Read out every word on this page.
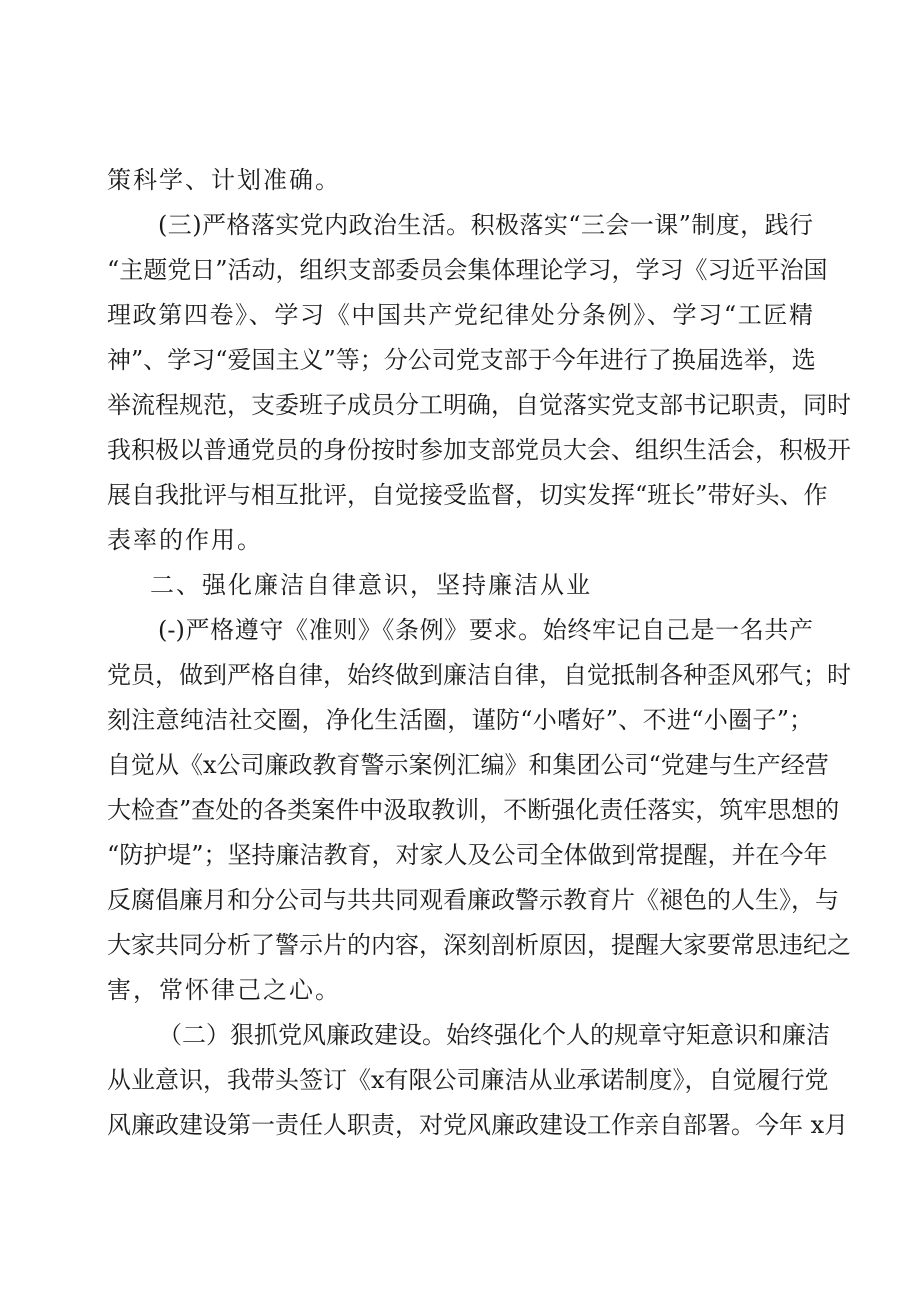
策科学、计划准确。
(三)严格落实党内政治生活。积极落实“三会一课”制度，践行
“主题党日”活动，组织支部委员会集体理论学习，学习《习近平治国
理政第四卷》、学习《中国共产党纪律处分条例》、学习“工匠精
神”、学习“爱国主义”等；分公司党支部于今年进行了换届选举，选
举流程规范，支委班子成员分工明确，自觉落实党支部书记职责，同时
我积极以普通党员的身份按时参加支部党员大会、组织生活会，积极开
展自我批评与相互批评，自觉接受监督，切实发挥“班长”带好头、作
表率的作用。
二、强化廉洁自律意识，坚持廉洁从业
(-)严格遵守《准则》《条例》要求。始终牢记自己是一名共产
党员，做到严格自律，始终做到廉洁自律，自觉抵制各种歪风邪气；时
刻注意纯洁社交圈，净化生活圈，谨防“小嗜好”、不进“小圈子”；
自觉从《x公司廉政教育警示案例汇编》和集团公司“党建与生产经营
大检查”查处的各类案件中汲取教训，不断强化责任落实，筑牢思想的
“防护堤”；坚持廉洁教育，对家人及公司全体做到常提醒，并在今年
反腐倡廉月和分公司与共共同观看廉政警示教育片《褪色的人生》，与
大家共同分析了警示片的内容，深刻剖析原因，提醒大家要常思违纪之
害，常怀律己之心。
（二）狠抓党风廉政建设。始终强化个人的规章守矩意识和廉洁
从业意识，我带头签订《x有限公司廉洁从业承诺制度》，自觉履行党
风廉政建设第一责任人职责，对党风廉政建设工作亲自部署。今年 x月
